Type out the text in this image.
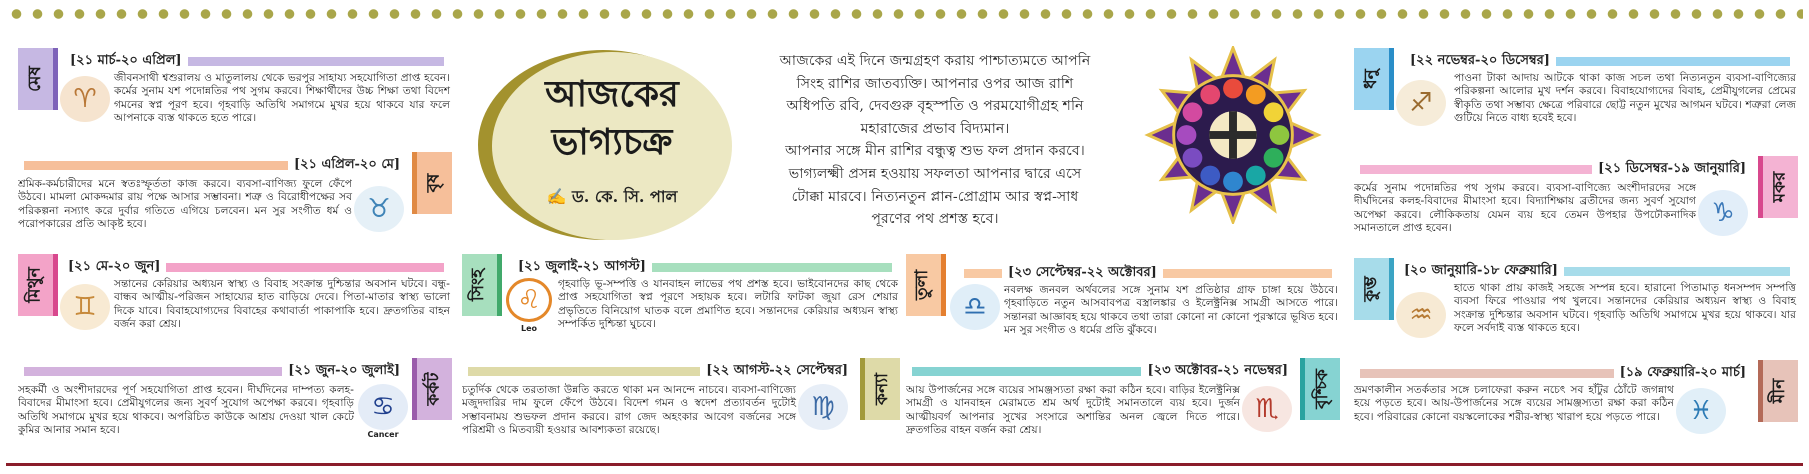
আজকের
ভাগ্যচক্র
✍ ড. কে. সি. পাল
আজকের এই দিনে জন্মগ্রহণ করায় পাশ্চাত্যমতে আপনি
সিংহ রাশির জাতব্যক্তি। আপনার ওপর আজ রাশি
অধিপতি রবি, দেবগুরু বৃহস্পতি ও পরমযোগীগ্রহ শনি
মহারাজের প্রভাব বিদ্যমান।
আপনার সঙ্গে মীন রাশির বন্ধুত্ব শুভ ফল প্রদান করবে।
ভাগ্যলক্ষ্মী প্রসন্ন হওয়ায় সফলতা আপনার দ্বারে এসে
টোক্কা মারবে। নিত্যনতুন প্লান-প্রোগ্রাম আর স্বপ্ন-সাধ
পূরণের পথ প্রশস্ত হবে।
মেষ
[২১ মার্চ-২০ এপ্রিল]
♈
জীবনসাথী শ্বশুরালয় ও মাতুলালয় থেকে ভরপুর সাহায্য সহযোগিতা প্রাপ্ত হবেন। কর্মের সুনাম যশ পদোন্নতির পথ সুগম করবে। শিক্ষার্থীদের উচ্চ শিক্ষা তথা বিদেশ গমনের স্বপ্ন পূরণ হবে। গৃহবাড়ি অতিথি সমাগমে মুখর হয়ে থাকবে যার ফলে আপনাকে ব্যস্ত থাকতে হতে পারে।
[২১ এপ্রিল-২০ মে]
বৃষ
♉
শ্রমিক-কর্মচারীদের মনে স্বতঃস্ফূর্ততা কাজ করবে। ব্যবসা-বাণিজ্য ফুলে ফেঁপে উঠবে। মামলা মোকদ্দমার রায় পক্ষে আসার সম্ভাবনা। শত্রু ও বিরোধীপক্ষের সব পরিকল্পনা নস্যাৎ করে দুর্বার গতিতে এগিয়ে চলবেন। মন সুর সংগীত ধর্ম ও পরোপকারের প্রতি আকৃষ্ট হবে।
মিথুন
[২১ মে-২০ জুন]
♊
সন্তানের কেরিয়ার অধ্যয়ন স্বাস্থ্য ও বিবাহ সংক্রান্ত দুশ্চিন্তার অবসান ঘটবে। বন্ধু-বান্ধব আত্মীয়-পরিজন সাহায্যের হাত বাড়িয়ে দেবে। পিতা-মাতার স্বাস্থ্য ভালো দিকে যাবে। বিবাহযোগ্যদের বিবাহের কথাবার্তা পাকাপাকি হবে। দ্রুতগতির বাহন বর্জন করা শ্রেয়।
[২১ জুন-২০ জুলাই]
কর্কট
♋
Cancer
সহকর্মী ও অংশীদারদের পূর্ণ সহযোগিতা প্রাপ্ত হবেন। দীর্ঘদিনের দাম্পত্য কলহ-বিবাদের মীমাংসা হবে। প্রেমীযুগলের জন্য সুবর্ণ সুযোগ অপেক্ষা করবে। গৃহবাড়ি অতিথি সমাগমে মুখর হয়ে থাকবে। অপরিচিত কাউকে আশ্রয় দেওয়া খাল কেটে কুমির আনার সমান হবে।
সিংহ
[২১ জুলাই-২১ আগস্ট]
♌
Leo
গৃহবাড়ি ভূ-সম্পত্তি ও যানবাহন লাভের পথ প্রশস্ত হবে। ভাইবোনদের কাছ থেকে প্রাপ্ত সহযোগিতা স্বপ্ন পূরণে সহায়ক হবে। লটারি ফাটকা জুয়া রেস শেয়ার প্রভৃতিতে বিনিয়োগ ঘাতক বলে প্রমাণিত হবে। সন্তানদের কেরিয়ার অধ্যয়ন স্বাস্থ্য সম্পর্কিত দুশ্চিন্তা ঘুচবে।
[২২ আগস্ট-২২ সেপ্টেম্বর]
কন্যা
♍
চতুর্দিক থেকে তরতাজা উন্নতি করতে থাকা মন আনন্দে নাচবে। ব্যবসা-বাণিজ্যে মজুদদারির দাম ফুলে ফেঁপে উঠবে। বিদেশ গমন ও স্বদেশ প্রত্যাবর্তন দুটোই সম্ভাবনাময় শুভফল প্রদান করবে। রাগ জেদ অহংকার আবেগ বর্জনের সঙ্গে পরিশ্রমী ও মিতব্যয়ী হওয়ার আবশ্যকতা রয়েছে।
তুলা	[২৩ সেপ্টেম্বর-২২ অক্টোবর]
♎
নবলক্ষ জনবল অর্থবলের সঙ্গে সুনাম যশ প্রতিষ্ঠার গ্রাফ চাঙ্গা হয়ে উঠবে। গৃহবাড়িতে নতুন আসবাবপত্র বস্ত্রালঙ্কার ও ইলেক্ট্রনিক্স সামগ্রী আসতে পারে। সন্তানরা আজ্ঞাবহ হয়ে থাকবে তথা তারা কোনো না কোনো পুরস্কারে ভূষিত হবে। মন সুর সংগীত ও ধর্মের প্রতি ঝুঁকবে।
[২৩ অক্টোবর-২১ নভেম্বর] বৃশ্চিক
♏
আয় উপার্জনের সঙ্গে ব্যয়ের সামঞ্জস্যতা রক্ষা করা কঠিন হবে। বাড়ির ইলেক্ট্রনিক্স সামগ্রী ও যানবাহন মেরামতে শ্রম অর্থ দুটোই সমানতালে ব্যয় হবে। দুর্জন আত্মীয়বর্গ আপনার সুখের সংসারে অশান্তির অনল জ্বেলে দিতে পারে। দ্রুতগতির বাহন বর্জন করা শ্রেয়।
ধনু
[২২ নভেম্বর-২০ ডিসেম্বর]
♐
পাওনা টাকা আদায় আটকে থাকা কাজ সচল তথা নিত্যনতুন ব্যবসা-বাণিজ্যের পরিকল্পনা আলোর মুখ দর্শন করবে। বিবাহযোগ্যদের বিবাহ, প্রেমীযুগলের প্রেমের স্বীকৃতি তথা সম্ভাব্য ক্ষেত্রে পরিবারে ছোট্ট নতুন মুখের আগমন ঘটবে। শত্রুরা লেজ গুটিয়ে নিতে বাধ্য হবেই হবে।
[২১ ডিসেম্বর-১৯ জানুয়ারি]
মকর
♑
কর্মের সুনাম পদোন্নতির পথ সুগম করবে। ব্যবসা-বাণিজ্যে অংশীদারদের সঙ্গে দীর্ঘদিনের কলহ-বিবাদের মীমাংসা হবে। বিদ্যাশিক্ষায় ব্রতীদের জন্য সুবর্ণ সুযোগ অপেক্ষা করবে। লৌকিকতায় যেমন ব্যয় হবে তেমন উপহার উপঢৌকনাদিক সমানতালে প্রাপ্ত হবেন।
কুম্ভ
[২০ জানুয়ারি-১৮ ফেব্রুয়ারি]
♒
হাতে থাকা প্রায় কাজই সহজে সম্পন্ন হবে। হারানো পিতামাতৃ ধনসম্পদ সম্পত্তি ব্যবসা ফিরে পাওয়ার পথ খুলবে। সন্তানদের কেরিয়ার অধ্যয়ন স্বাস্থ্য ও বিবাহ সংক্রান্ত দুশ্চিন্তার অবসান ঘটবে। গৃহবাড়ি অতিথি সমাগমে মুখর হয়ে থাকবে। যার ফলে সর্বদাই ব্যস্ত থাকতে হবে।
[১৯ ফেব্রুয়ারি-২০ মার্চ]
মীন
♓
ভ্রমণকালীন সতর্কতার সঙ্গে চলাফেরা করুন নচেৎ সব হাঁটুর ঠোঁটে জগন্নাথ হয়ে পড়তে হবে। আয়-উপার্জনের সঙ্গে ব্যয়ের সামঞ্জস্যতা রক্ষা করা কঠিন হবে। পরিবারের কোনো বয়স্কলোকের শরীর-স্বাস্থ্য খারাপ হয়ে পড়তে পারে।
